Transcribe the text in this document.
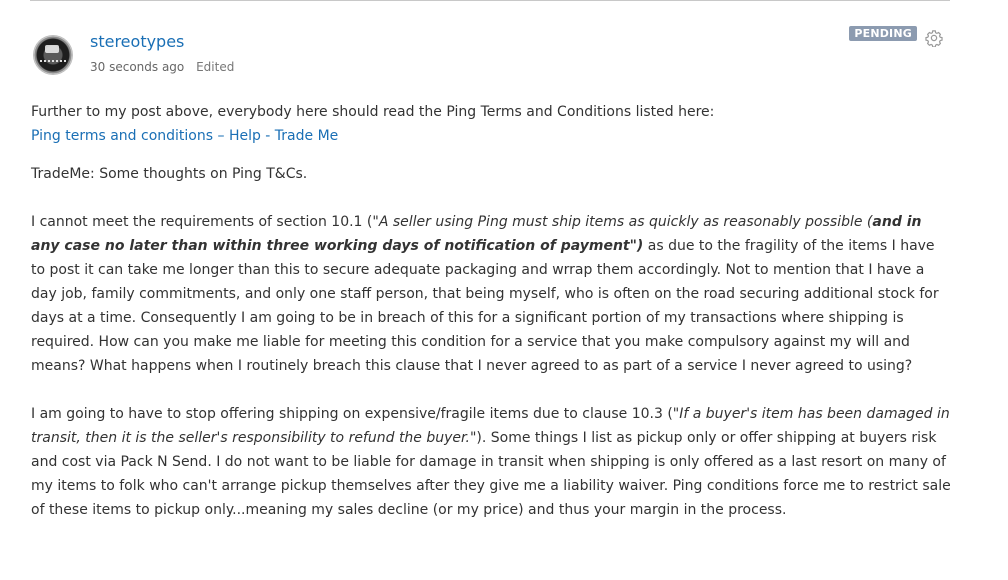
stereotypes
30 seconds ago Edited
PENDING

Further to my post above, everybody here should read the Ping Terms and Conditions listed here:

Ping terms and conditions – Help - Trade Me

TradeMe: Some thoughts on Ping T&Cs.

I cannot meet the requirements of section 10.1 ("A seller using Ping must ship items as quickly as reasonably possible (and in any case no later than within three working days of notification of payment") as due to the fragility of the items I have to post it can take me longer than this to secure adequate packaging and wrrap them accordingly. Not to mention that I have a day job, family commitments, and only one staff person, that being myself, who is often on the road securing additional stock for days at a time. Consequently I am going to be in breach of this for a significant portion of my transactions where shipping is required. How can you make me liable for meeting this condition for a service that you make compulsory against my will and means? What happens when I routinely breach this clause that I never agreed to as part of a service I never agreed to using?

I am going to have to stop offering shipping on expensive/fragile items due to clause 10.3 ("If a buyer's item has been damaged in transit, then it is the seller's responsibility to refund the buyer."). Some things I list as pickup only or offer shipping at buyers risk and cost via Pack N Send. I do not want to be liable for damage in transit when shipping is only offered as a last resort on many of my items to folk who can't arrange pickup themselves after they give me a liability waiver. Ping conditions force me to restrict sale of these items to pickup only...meaning my sales decline (or my price) and thus your margin in the process.
